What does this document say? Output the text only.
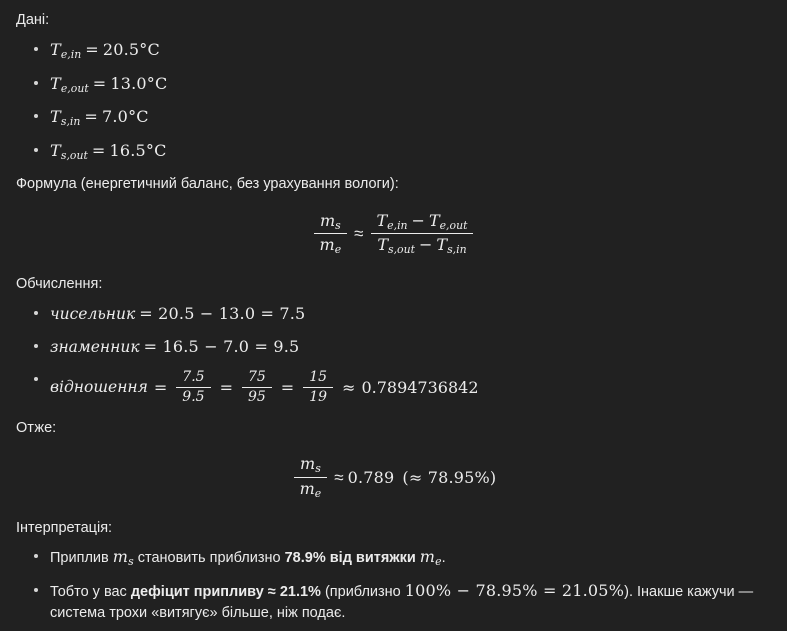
Дані:

$T_{e,in} = 20.5^\circ C$
$T_{e,out} = 13.0^\circ C$
$T_{s,in} = 7.0^\circ C$
$T_{s,out} = 16.5^\circ C$

Формула (енергетичний баланс, без урахування вологи):

$\frac{m_s}{m_e} \approx \frac{T_{e,in} - T_{e,out}}{T_{s,out} - T_{s,in}}$

Обчислення:

чисельник = 20.5 − 13.0 = 7.5
знаменник = 16.5 − 7.0 = 9.5
відношення = $\frac{7.5}{9.5} = \frac{75}{95} = \frac{15}{19} \approx 0.7894736842$

Отже:

$\frac{m_s}{m_e} \approx 0.789$ (≈ 78.95%)

Інтерпретація:

Приплив $m_s$ становить приблизно 78.9% від витяжки $m_e$.
Тобто у вас дефіцит припливу ≈ 21.1% (приблизно 100% − 78.95% = 21.05%). Інакше кажучи — система трохи «витягує» більше, ніж подає.
